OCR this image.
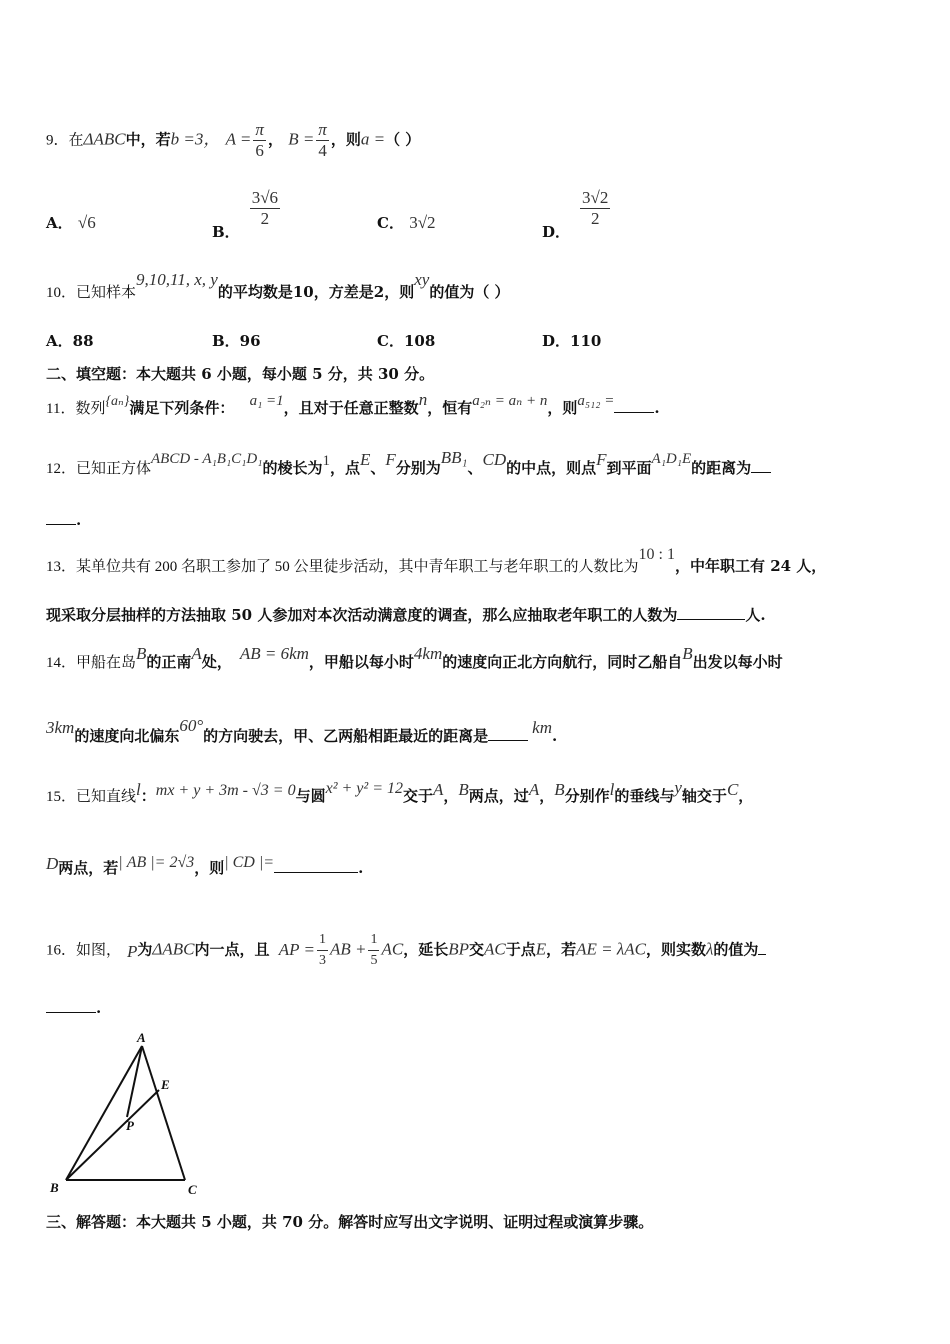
9．在ΔABC中，若b =3， $A = \frac{\pi}{6}$ ， $B = \frac{\pi}{4}$ ，则a =（ ）
A． √6	B．
$\frac{3√6}{2}$	C． 3√2	D．
$\frac{3√2}{2}$
10．已知样本9,10,11, x, y的平均数是10，方差是2，则xy的值为（ ）
A．88	B．96	C．108	D．110
二、填空题：本大题共 6 小题，每小题 5 分，共 30 分。
11．数列{aₙ}满足下列条件： a₁ =1，且对于任意正整数n，恒有a₂ₙ = aₙ + n，则a₅₁₂ =	.
12．已知正方体ABCD - A₁B₁C₁D₁的棱长为1，点E、F分别为BB₁、CD的中点，则点F到平面A₁D₁E的距离为
.
13．某单位共有 200 名职工参加了 50 公里徒步活动，其中青年职工与老年职工的人数比为10 : 1，中年职工有 24 人，
现采取分层抽样的方法抽取 50 人参加对本次活动满意度的调查，那么应抽取老年职工的人数为	人.
14．甲船在岛B的正南A处， AB = 6km，甲船以每小时4km的速度向正北方向航行，同时乙船自B出发以每小时
3km的速度向北偏东60°的方向驶去，甲、乙两船相距最近的距离是	km.
15．已知直线l：mx + y + 3m - √3 = 0与圆x² + y² = 12交于A，B两点，过A，B分别作l的垂线与y轴交于C，
D两点，若| AB |= 2√3，则| CD |=	.
16．如图， P为ΔABC内一点，且 AP = $\frac{1}{3}$ AB + $\frac{1}{5}$ AC，延长BP交AC于点E，若AE = λAC，则实数λ的值为
.
A
E
P
B	C
三、解答题：本大题共 5 小题，共 70 分。解答时应写出文字说明、证明过程或演算步骤。
